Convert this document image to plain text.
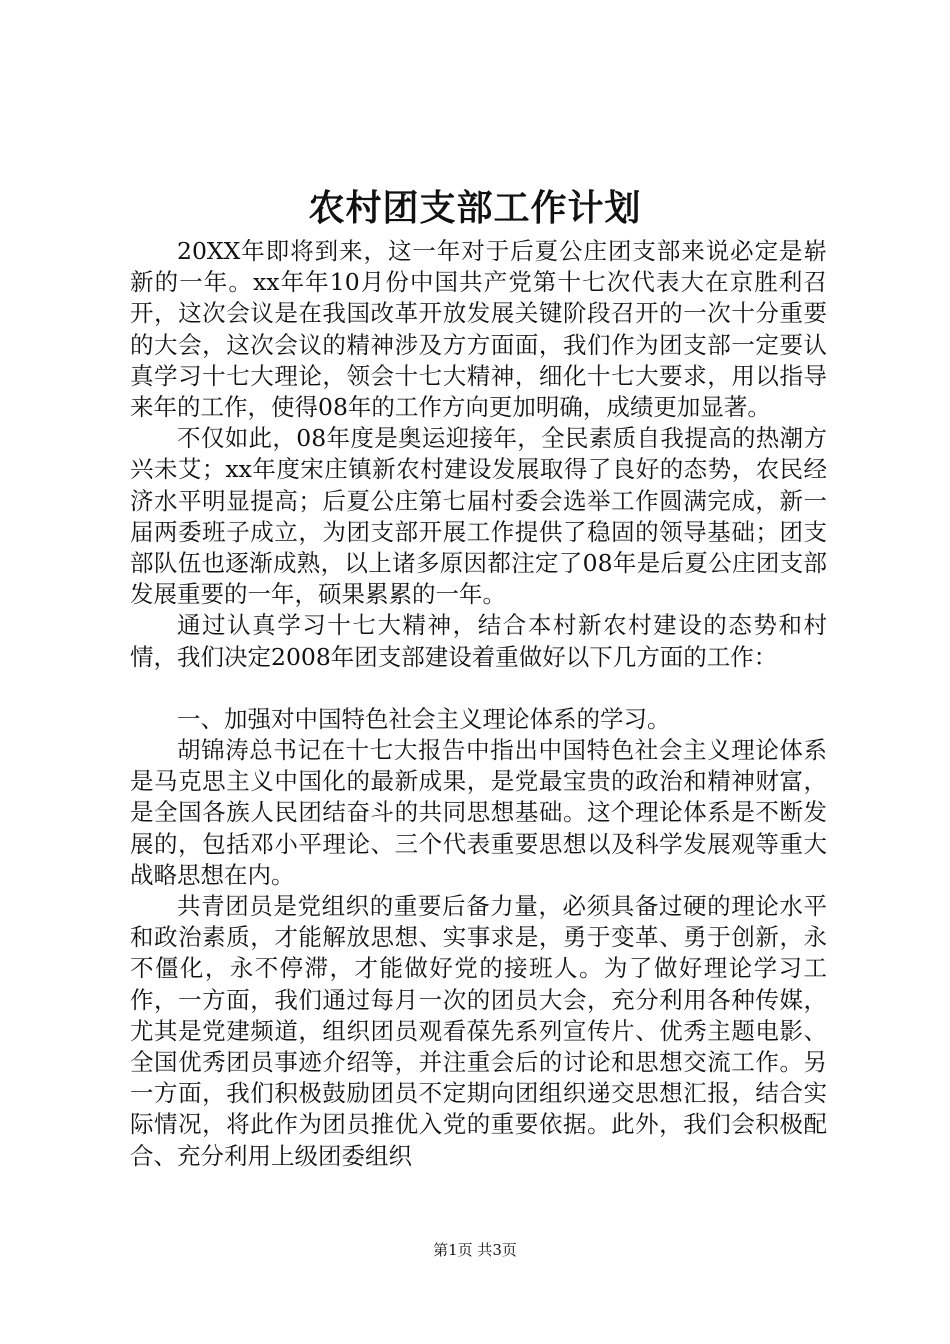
农村团支部工作计划

20XX年即将到来，这一年对于后夏公庄团支部来说必定是崭新的一年。xx年年10月份中国共产党第十七次代表大在京胜利召开，这次会议是在我国改革开放发展关键阶段召开的一次十分重要的大会，这次会议的精神涉及方方面面，我们作为团支部一定要认真学习十七大理论，领会十七大精神，细化十七大要求，用以指导来年的工作，使得08年的工作方向更加明确，成绩更加显著。

不仅如此，08年度是奥运迎接年，全民素质自我提高的热潮方兴未艾；xx年度宋庄镇新农村建设发展取得了良好的态势，农民经济水平明显提高；后夏公庄第七届村委会选举工作圆满完成，新一届两委班子成立，为团支部开展工作提供了稳固的领导基础；团支部队伍也逐渐成熟，以上诸多原因都注定了08年是后夏公庄团支部发展重要的一年，硕果累累的一年。

通过认真学习十七大精神，结合本村新农村建设的态势和村情，我们决定2008年团支部建设着重做好以下几方面的工作：

一、加强对中国特色社会主义理论体系的学习。

胡锦涛总书记在十七大报告中指出中国特色社会主义理论体系是马克思主义中国化的最新成果，是党最宝贵的政治和精神财富，是全国各族人民团结奋斗的共同思想基础。这个理论体系是不断发展的，包括邓小平理论、三个代表重要思想以及科学发展观等重大战略思想在内。

共青团员是党组织的重要后备力量，必须具备过硬的理论水平和政治素质，才能解放思想、实事求是，勇于变革、勇于创新，永不僵化，永不停滞，才能做好党的接班人。为了做好理论学习工作，一方面，我们通过每月一次的团员大会，充分利用各种传媒，尤其是党建频道，组织团员观看葆先系列宣传片、优秀主题电影、全国优秀团员事迹介绍等，并注重会后的讨论和思想交流工作。另一方面，我们积极鼓励团员不定期向团组织递交思想汇报，结合实际情况，将此作为团员推优入党的重要依据。此外，我们会积极配合、充分利用上级团委组织

第1页 共3页
